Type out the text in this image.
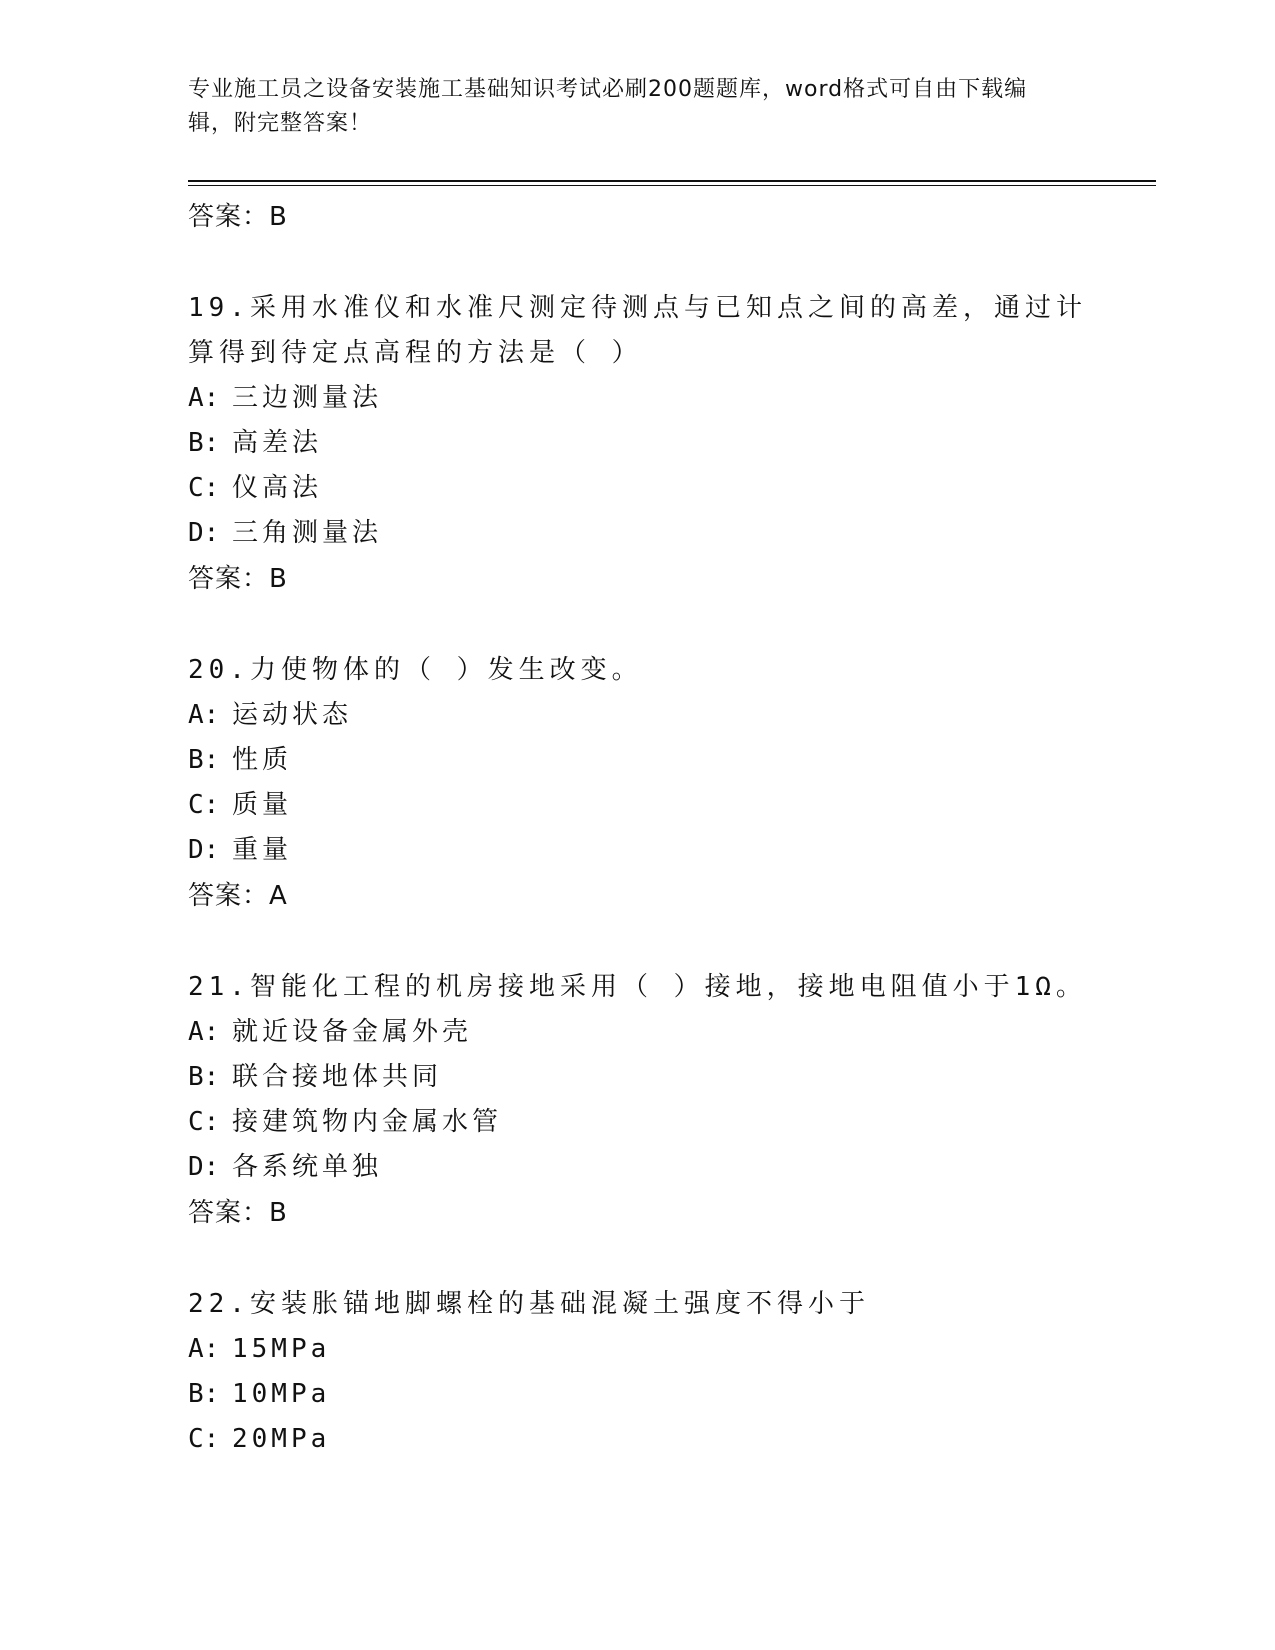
专业施工员之设备安装施工基础知识考试必刷200题题库，word格式可自由下载编辑，附完整答案！

答案：B

19.采用水准仪和水准尺测定待测点与已知点之间的高差，通过计算得到待定点高程的方法是（ ）

A: 三边测量法

B: 高差法

C: 仪高法

D: 三角测量法

答案：B

20.力使物体的（ ）发生改变。

A: 运动状态

B: 性质

C: 质量

D: 重量

答案：A

21.智能化工程的机房接地采用（ ）接地，接地电阻值小于1Ω。

A: 就近设备金属外壳

B: 联合接地体共同

C: 接建筑物内金属水管

D: 各系统单独

答案：B

22.安装胀锚地脚螺栓的基础混凝土强度不得小于

A: 15MPa

B: 10MPa

C: 20MPa
